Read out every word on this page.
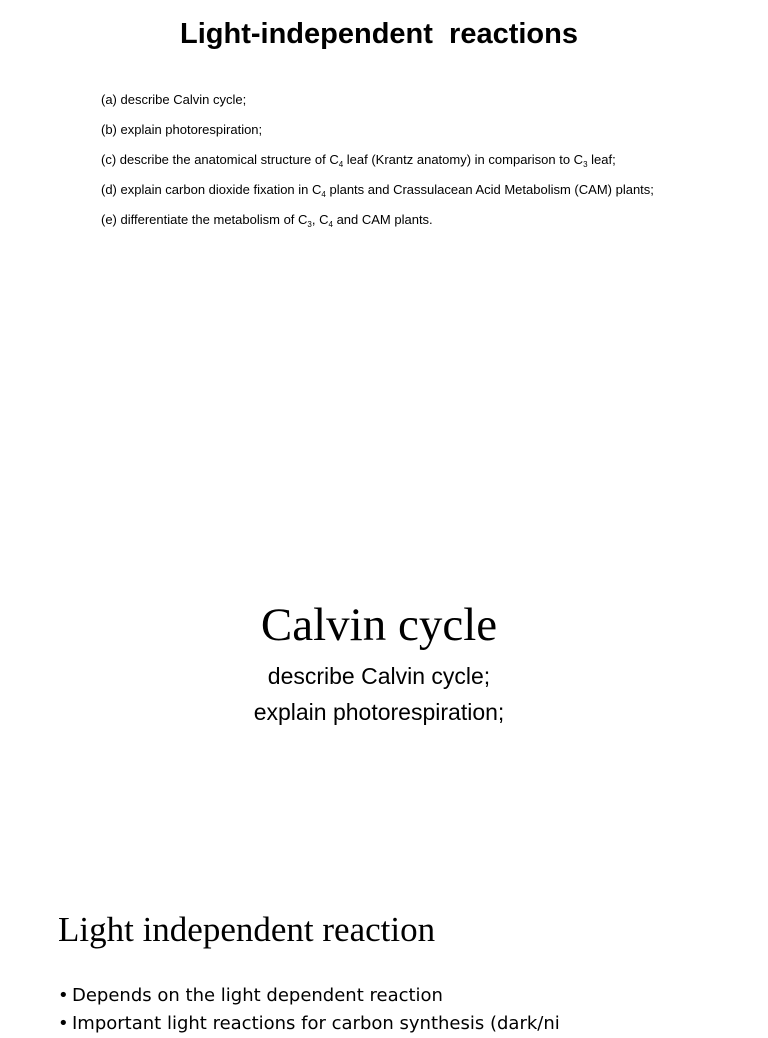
Light-independent  reactions
(a) describe Calvin cycle;
(b) explain photorespiration;
(c) describe the anatomical structure of $C_4$ leaf (Krantz anatomy) in comparison to $C_3$ leaf;
(d) explain carbon dioxide fixation in $C_4$ plants and Crassulacean Acid Metabolism (CAM) plants;
(e) differentiate the metabolism of $C_3$, $C_4$ and CAM plants.
Calvin cycle
describe Calvin cycle;
explain photorespiration;
Light independent reaction
• Depends on the light dependent reaction
• Important light reactions for carbon synthesis (dark/ni
